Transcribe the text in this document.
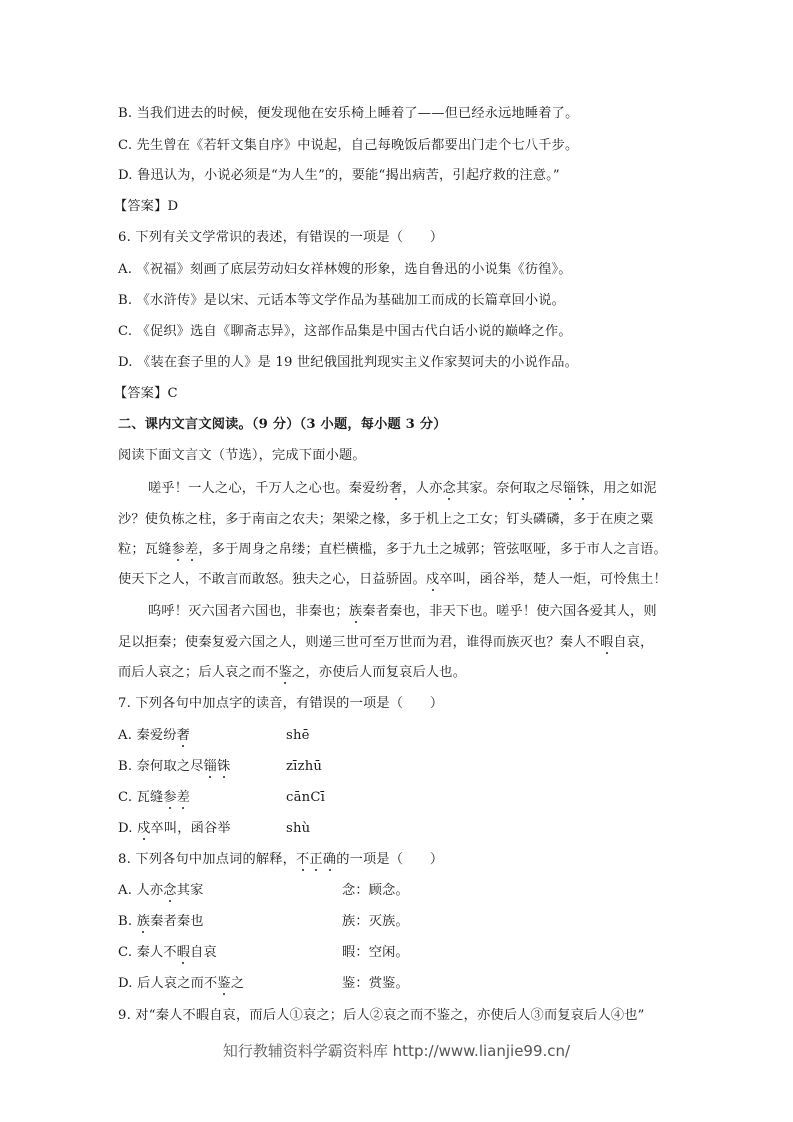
B. 当我们进去的时候，便发现他在安乐椅上睡着了——但已经永远地睡着了。
C. 先生曾在《若轩文集自序》中说起，自己每晚饭后都要出门走个七八千步。
D. 鲁迅认为，小说必须是“为人生”的，要能“揭出病苦，引起疗救的注意。”
【答案】D
6. 下列有关文学常识的表述，有错误的一项是（　　）
A. 《祝福》刻画了底层劳动妇女祥林嫂的形象，选自鲁迅的小说集《彷徨》。
B. 《水浒传》是以宋、元话本等文学作品为基础加工而成的长篇章回小说。
C. 《促织》选自《聊斋志异》，这部作品集是中国古代白话小说的巅峰之作。
D. 《装在套子里的人》是 19 世纪俄国批判现实主义作家契诃夫的小说作品。
【答案】C
二、课内文言文阅读。（9 分）（3 小题，每小题 3 分）
阅读下面文言文（节选），完成下面小题。
嗟乎！一人之心，千万人之心也。秦爱纷奢，人亦念其家。奈何取之尽锱铢，用之如泥
沙？使负栋之柱，多于南亩之农夫；架梁之椽，多于机上之工女；钉头磷磷，多于在庾之粟
粒；瓦缝参差，多于周身之帛缕；直栏横槛，多于九土之城郭；管弦呕哑，多于市人之言语。
使天下之人，不敢言而敢怒。独夫之心，日益骄固。戍卒叫，函谷举，楚人一炬，可怜焦土！
呜呼！灭六国者六国也，非秦也；族秦者秦也，非天下也。嗟乎！使六国各爱其人，则
足以拒秦；使秦复爱六国之人，则递三世可至万世而为君，谁得而族灭也？秦人不暇自哀，
而后人哀之；后人哀之而不鉴之，亦使后人而复哀后人也。
7. 下列各句中加点字的读音，有错误的一项是（　　）
A. 秦爱纷奢	shē
B. 奈何取之尽锱铢	zīzhū
C. 瓦缝参差	cānCī
D. 戍卒叫，函谷举	shù
8. 下列各句中加点词的解释，不正确的一项是（　　）
A. 人亦念其家	念：顾念。
B. 族秦者秦也	族：灭族。
C. 秦人不暇自哀	暇：空闲。
D. 后人哀之而不鉴之	鉴：赏鉴。
9. 对“秦人不暇自哀，而后人①哀之；后人②哀之而不鉴之，亦使后人③而复哀后人④也”
知行教辅资料学霸资料库 http://www.lianjie99.cn/
